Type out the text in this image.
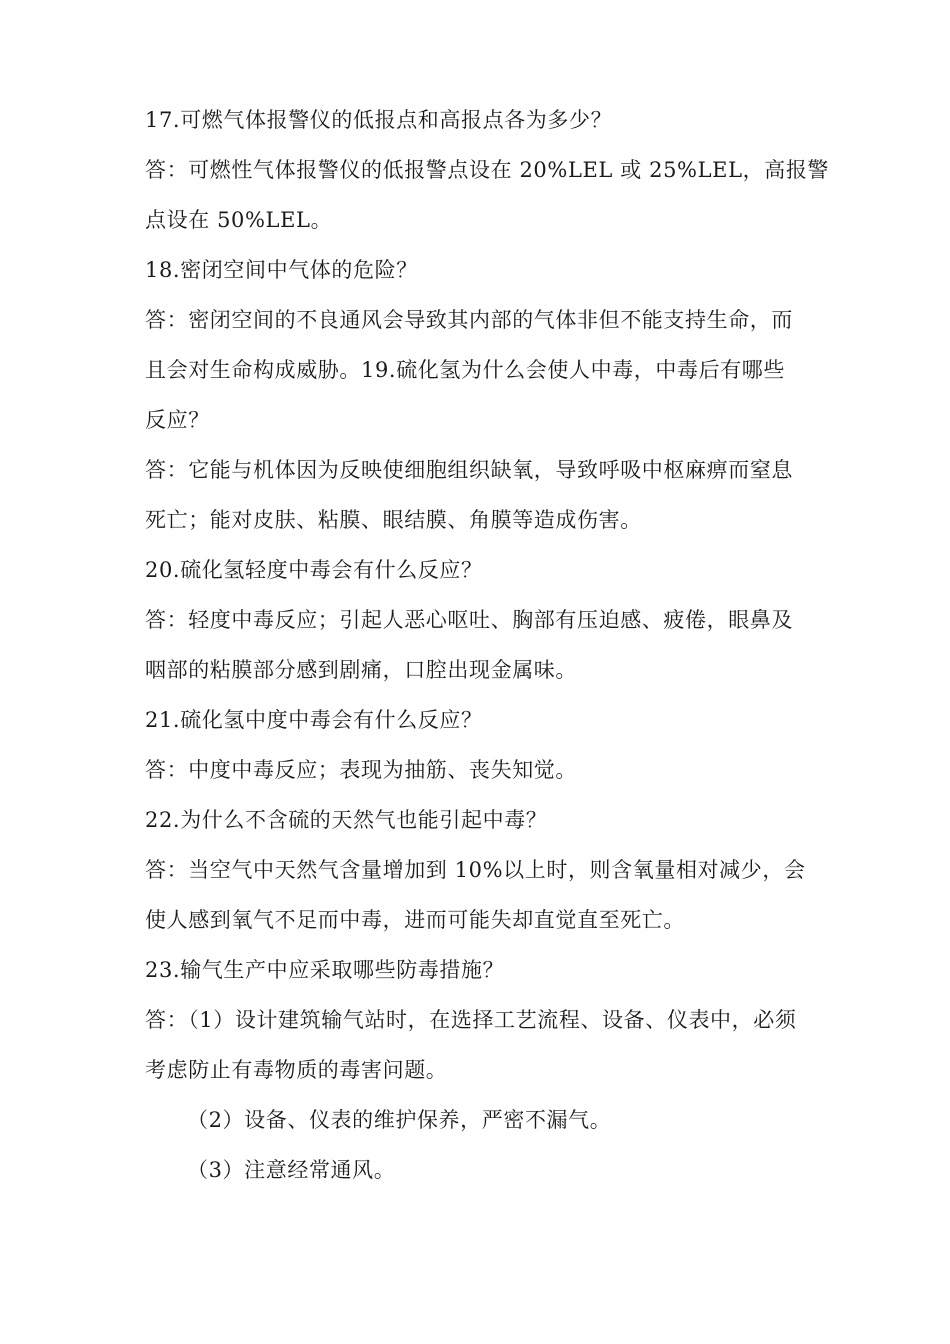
17.可燃气体报警仪的低报点和高报点各为多少？
答：可燃性气体报警仪的低报警点设在 20%LEL 或 25%LEL，高报警
点设在 50%LEL。
18.密闭空间中气体的危险？
答：密闭空间的不良通风会导致其内部的气体非但不能支持生命，而
且会对生命构成威胁。19.硫化氢为什么会使人中毒，中毒后有哪些
反应？
答：它能与机体因为反映使细胞组织缺氧，导致呼吸中枢麻痹而窒息
死亡；能对皮肤、粘膜、眼结膜、角膜等造成伤害。
20.硫化氢轻度中毒会有什么反应？
答：轻度中毒反应；引起人恶心呕吐、胸部有压迫感、疲倦，眼鼻及
咽部的粘膜部分感到剧痛，口腔出现金属味。
21.硫化氢中度中毒会有什么反应？
答：中度中毒反应；表现为抽筋、丧失知觉。
22.为什么不含硫的天然气也能引起中毒？
答：当空气中天然气含量增加到 10%以上时，则含氧量相对减少，会
使人感到氧气不足而中毒，进而可能失却直觉直至死亡。
23.输气生产中应采取哪些防毒措施？
答：（1）设计建筑输气站时，在选择工艺流程、设备、仪表中，必须
考虑防止有毒物质的毒害问题。
（2）设备、仪表的维护保养，严密不漏气。
（3）注意经常通风。
